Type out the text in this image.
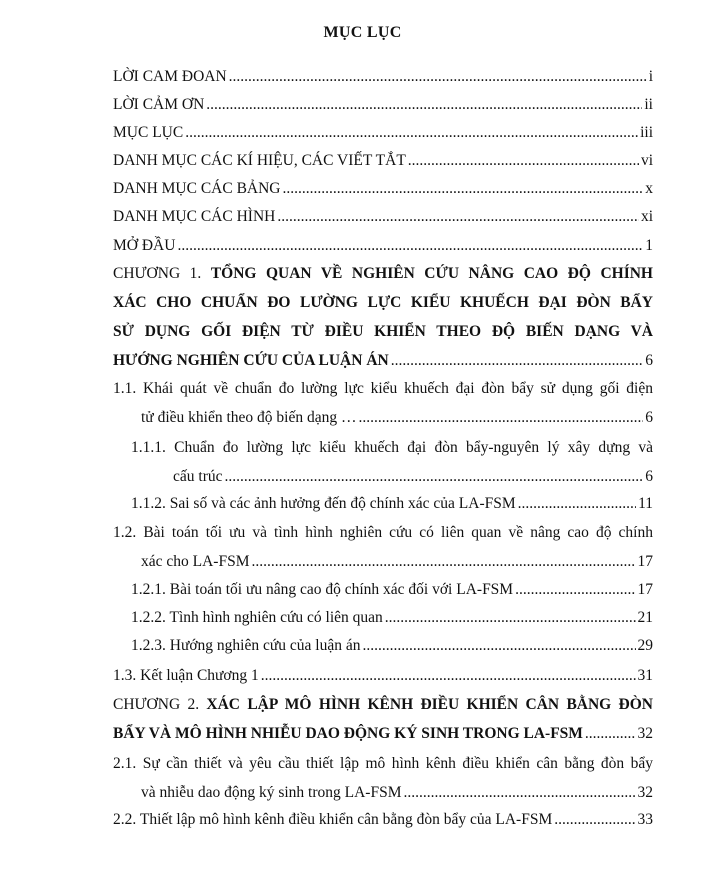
MỤC LỤC
LỜI CAM ĐOAN .....	i
LỜI CẢM ƠN .....	ii
MỤC LỤC .....	iii
DANH MỤC CÁC KÍ HIỆU, CÁC VIẾT TẮT .....	vi
DANH MỤC CÁC BẢNG .....	x
DANH MỤC CÁC HÌNH .....	xi
MỞ ĐẦU .....	1
CHƯƠNG 1. TỔNG QUAN VỀ NGHIÊN CỨU NÂNG CAO ĐỘ CHÍNH
XÁC CHO CHUẨN ĐO LƯỜNG LỰC KIỂU KHUẾCH ĐẠI ĐÒN BẨY
SỬ DỤNG GỐI ĐIỆN TỪ ĐIỀU KHIỂN THEO ĐỘ BIẾN DẠNG VÀ
HƯỚNG NGHIÊN CỨU CỦA LUẬN ÁN .....	6
1.1. Khái quát về chuẩn đo lường lực kiểu khuếch đại đòn bẩy sử dụng gối điện
tử điều khiển theo độ biến dạng … .....	6
1.1.1. Chuẩn đo lường lực kiểu khuếch đại đòn bẩy-nguyên lý xây dựng và
cấu trúc .....	6
1.1.2. Sai số và các ảnh hưởng đến độ chính xác của LA-FSM .....	11
1.2. Bài toán tối ưu và tình hình nghiên cứu có liên quan về nâng cao độ chính
xác cho LA-FSM .....	17
1.2.1. Bài toán tối ưu nâng cao độ chính xác đối với LA-FSM .....	17
1.2.2. Tình hình nghiên cứu có liên quan .....	21
1.2.3. Hướng nghiên cứu của luận án .....	29
1.3. Kết luận Chương 1 .....	31
CHƯƠNG 2. XÁC LẬP MÔ HÌNH KÊNH ĐIỀU KHIỂN CÂN BẰNG ĐÒN
BẨY VÀ MÔ HÌNH NHIỄU DAO ĐỘNG KÝ SINH TRONG LA-FSM .....	32
2.1. Sự cần thiết và yêu cầu thiết lập mô hình kênh điều khiển cân bằng đòn bẩy
và nhiễu dao động ký sinh trong LA-FSM .....	32
2.2. Thiết lập mô hình kênh điều khiển cân bằng đòn bẩy của LA-FSM .....	33
